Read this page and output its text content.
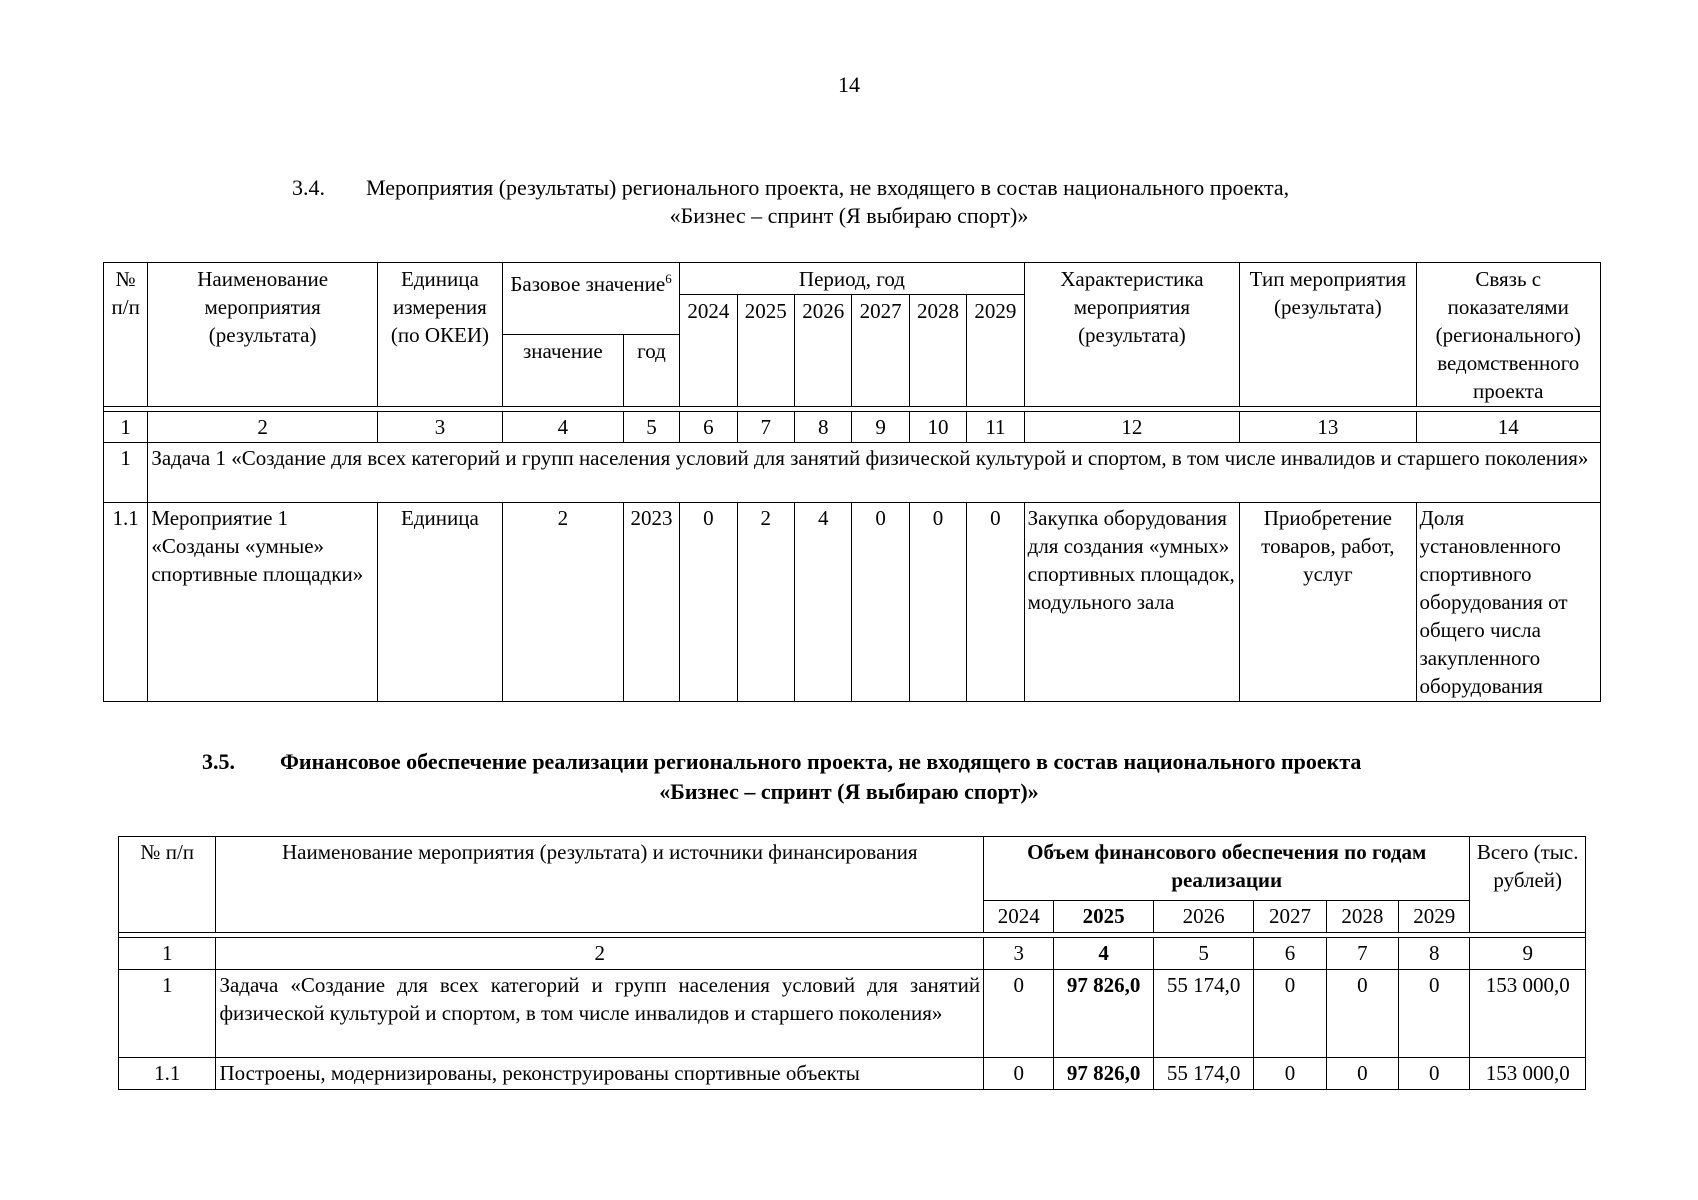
14
3.4. Мероприятия (результаты) регионального проекта, не входящего в состав национального проекта,
«Бизнес – спринт (Я выбираю спорт)»
№ п/п	Наименование мероприятия (результата)	Единица измерения (по ОКЕИ)	Базовое значение$^6$		Период, год						Характеристика мероприятия (результата)	Тип мероприятия (результата)	Связь с показателями (регионального) ведомственного проекта
					2024	2025	2026	2027	2028	2029			
			значение	год									

1	2	3	4	5	6	7	8	9	10	11	12	13	14
1	Задача 1 «Создание для всех категорий и групп населения условий для занятий физической культурой и спортом, в том числе инвалидов и старшего поколения»												
1.1	Мероприятие 1 «Созданы «умные» спортивные площадки»	Единица	2	2023	0	2	4	0	0	0	Закупка оборудования для создания «умных» спортивных площадок, модульного зала	Приобретение товаров, работ, услуг	Доля установленного спортивного оборудования от общего числа закупленного оборудования
3.5. Финансовое обеспечение реализации регионального проекта, не входящего в состав национального проекта
«Бизнес – спринт (Я выбираю спорт)»
№ п/п	Наименование мероприятия (результата) и источники финансирования	Объем финансового обеспечения по годам реализации						Всего (тыс. рублей)
		2024	2025	2026	2027	2028	2029	

1	2	3	4	5	6	7	8	9
1	Задача «Создание для всех категорий и групп населения условий для занятий физической культурой и спортом, в том числе инвалидов и старшего поколения»	0	97 826,0	55 174,0	0	0	0	153 000,0
1.1	Построены, модернизированы, реконструированы спортивные объекты	0	97 826,0	55 174,0	0	0	0	153 000,0
